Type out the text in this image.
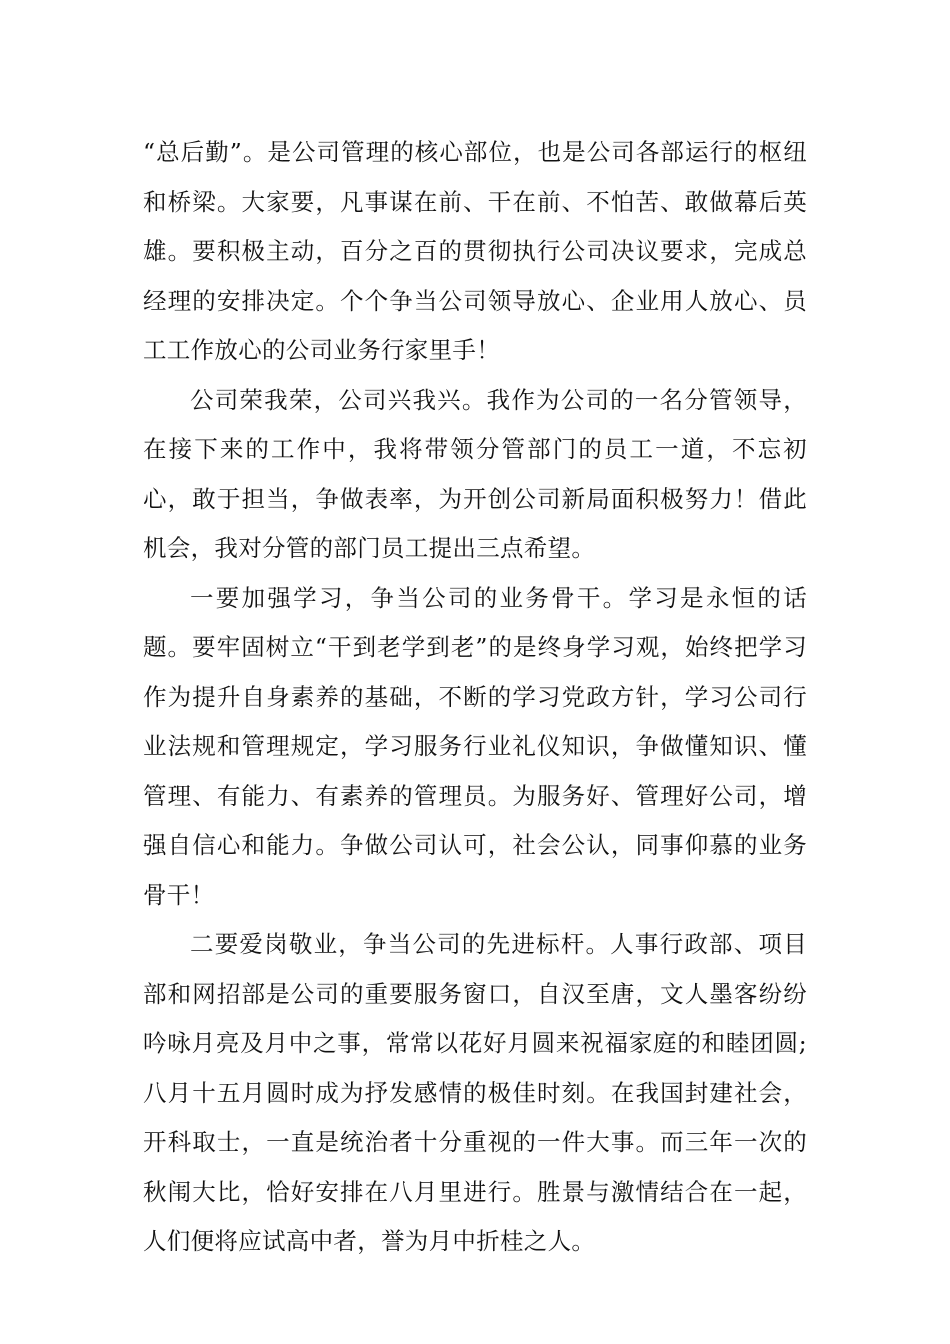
“总后勤”。是公司管理的核心部位，也是公司各部运行的枢纽和桥梁。大家要，凡事谋在前、干在前、不怕苦、敢做幕后英雄。要积极主动，百分之百的贯彻执行公司决议要求，完成总经理的安排决定。个个争当公司领导放心、企业用人放心、员工工作放心的公司业务行家里手！

公司荣我荣，公司兴我兴。我作为公司的一名分管领导，在接下来的工作中，我将带领分管部门的员工一道，不忘初心，敢于担当，争做表率，为开创公司新局面积极努力！借此机会，我对分管的部门员工提出三点希望。

一要加强学习，争当公司的业务骨干。学习是永恒的话题。要牢固树立“干到老学到老”的是终身学习观，始终把学习作为提升自身素养的基础，不断的学习党政方针，学习公司行业法规和管理规定，学习服务行业礼仪知识，争做懂知识、懂管理、有能力、有素养的管理员。为服务好、管理好公司，增强自信心和能力。争做公司认可，社会公认，同事仰慕的业务骨干！

二要爱岗敬业，争当公司的先进标杆。人事行政部、项目部和网招部是公司的重要服务窗口，自汉至唐，文人墨客纷纷吟咏月亮及月中之事，常常以花好月圆来祝福家庭的和睦团圆;八月十五月圆时成为抒发感情的极佳时刻。在我国封建社会，开科取士，一直是统治者十分重视的一件大事。而三年一次的秋闱大比，恰好安排在八月里进行。胜景与激情结合在一起，人们便将应试高中者，誉为月中折桂之人。
